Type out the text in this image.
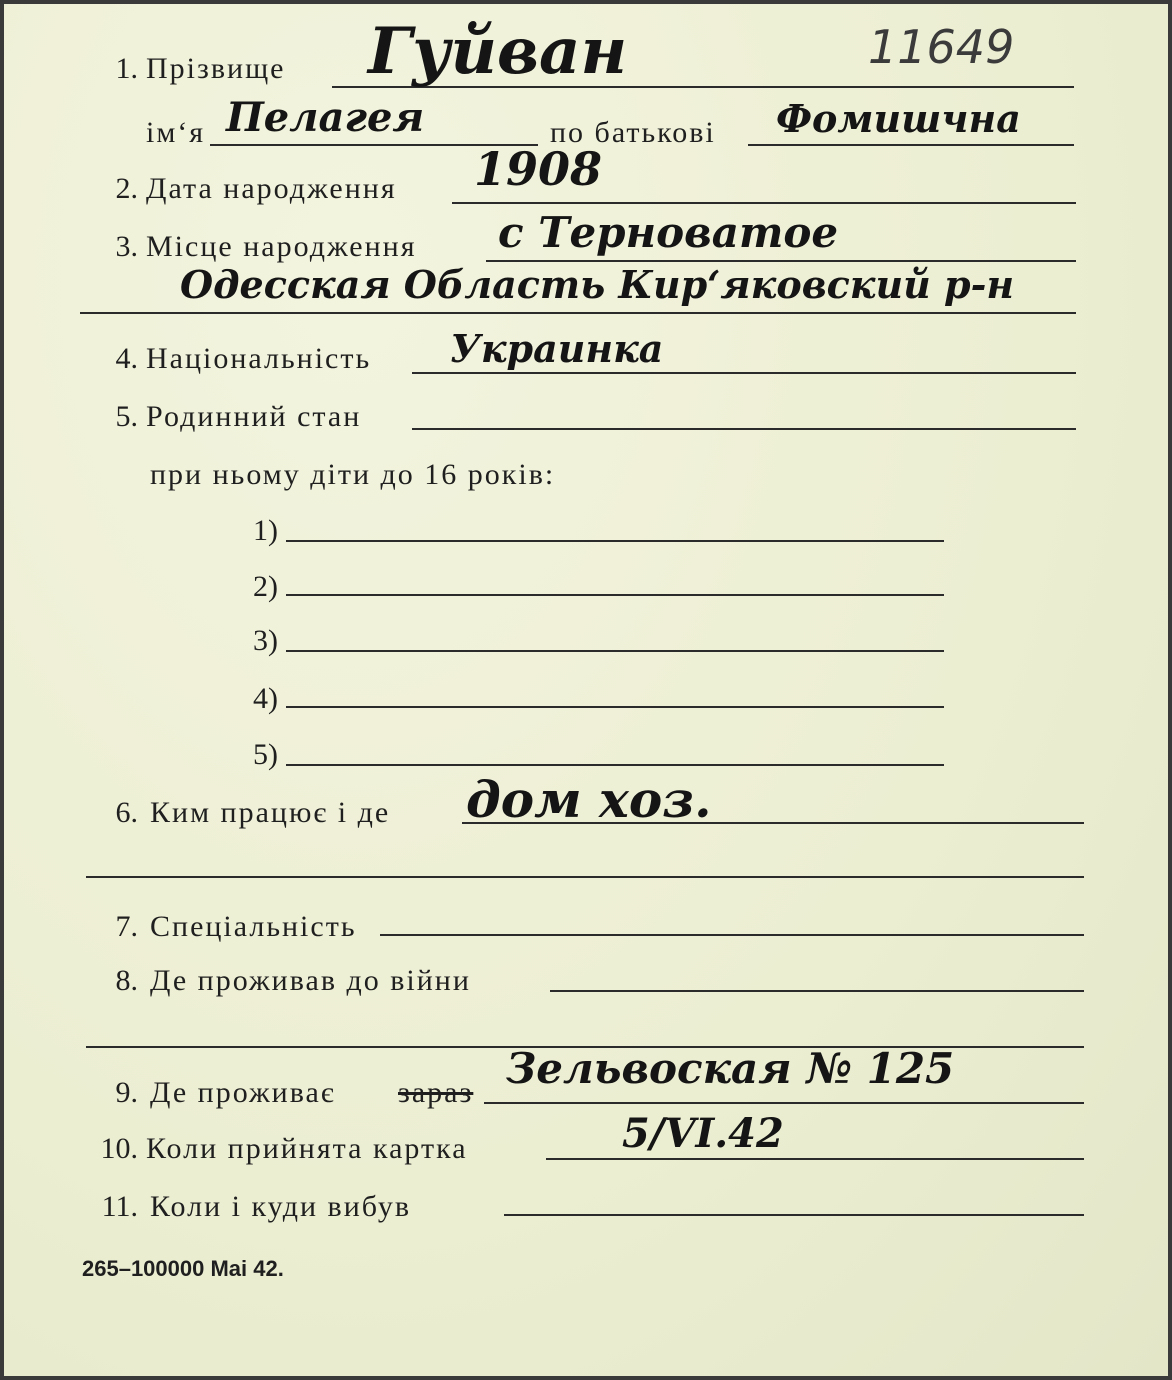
11649
1. Прізвище Гуйван
ім‘я Пелагея	по батькові Фомишчна
2. Дата народження 1908
3. Місце народження с Терноватое
Одесская Область Кир‘яковский р-н
4. Національність Украинка
5. Родинний стан
при ньому діти до 16 років:
1)
2)
3)
4)
5)
6. Ким працює і де дом хоз.
7. Спеціальність
8. Де проживав до війни
9. Де проживає зараз Зельвоская № 125
10. Коли прийнята картка	5/VI.42
11. Коли і куди вибув
265–100000 Mai 42.
